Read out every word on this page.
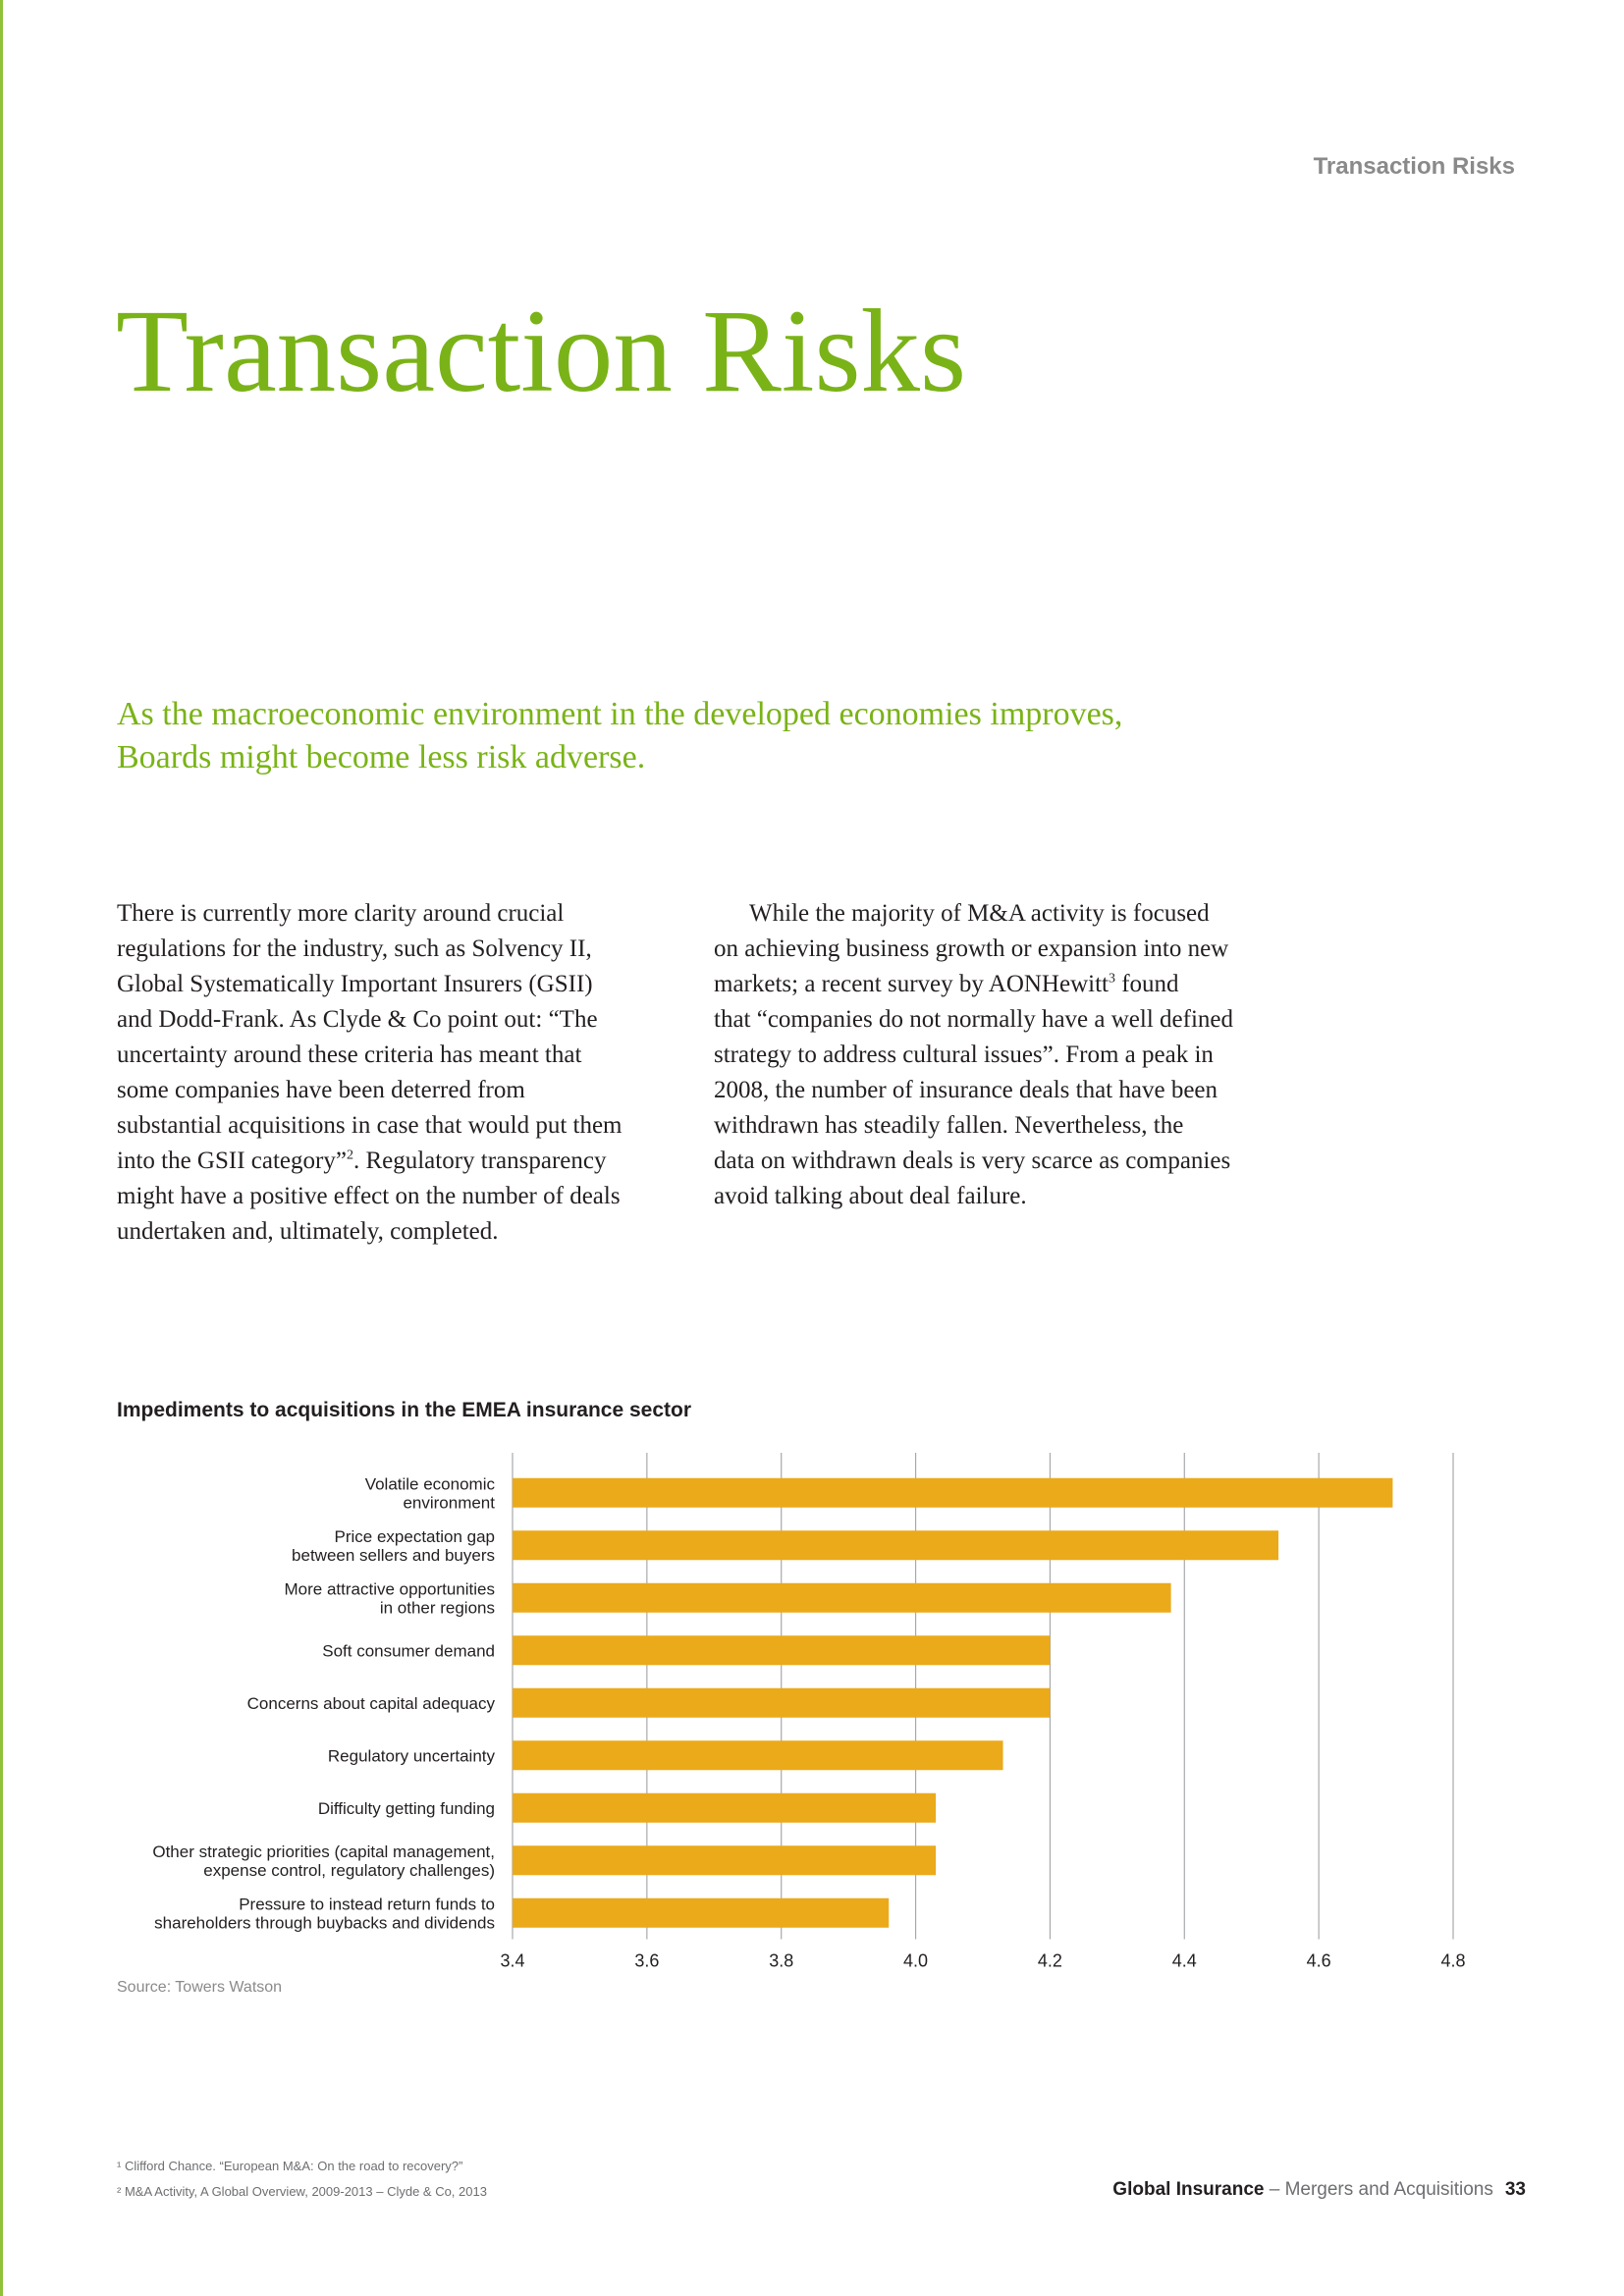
Transaction Risks
Transaction Risks
As the macroeconomic environment in the developed economies improves,
Boards might become less risk adverse.
There is currently more clarity around crucial
regulations for the industry, such as Solvency II,
Global Systematically Important Insurers (GSII)
and Dodd-Frank. As Clyde & Co point out: “The
uncertainty around these criteria has meant that
some companies have been deterred from
substantial acquisitions in case that would put them
into the GSII category”$^2$. Regulatory transparency
might have a positive effect on the number of deals
undertaken and, ultimately, completed.
While the majority of M&A activity is focused
on achieving business growth or expansion into new
markets; a recent survey by AONHewitt$^3$ found
that “companies do not normally have a well defined
strategy to address cultural issues”. From a peak in
2008, the number of insurance deals that have been
withdrawn has steadily fallen. Nevertheless, the
data on withdrawn deals is very scarce as companies
avoid talking about deal failure.
Impediments to acquisitions in the EMEA insurance sector
Volatile economic environment
Price expectation gap between sellers and buyers
More attractive opportunities in other regions
Soft consumer demand
Concerns about capital adequacy
Regulatory uncertainty
Difficulty getting funding
Other strategic priorities (capital management, expense control, regulatory challenges)
Pressure to instead return funds to shareholders through buybacks and dividends
3.4	3.6	3.8	4.0	4.2	4.4	4.6	4.8
Source: Towers Watson
¹ Clifford Chance. “European M&A: On the road to recovery?”
² M&A Activity, A Global Overview, 2009-2013 – Clyde & Co, 2013	Global Insurance – Mergers and Acquisitions 33
